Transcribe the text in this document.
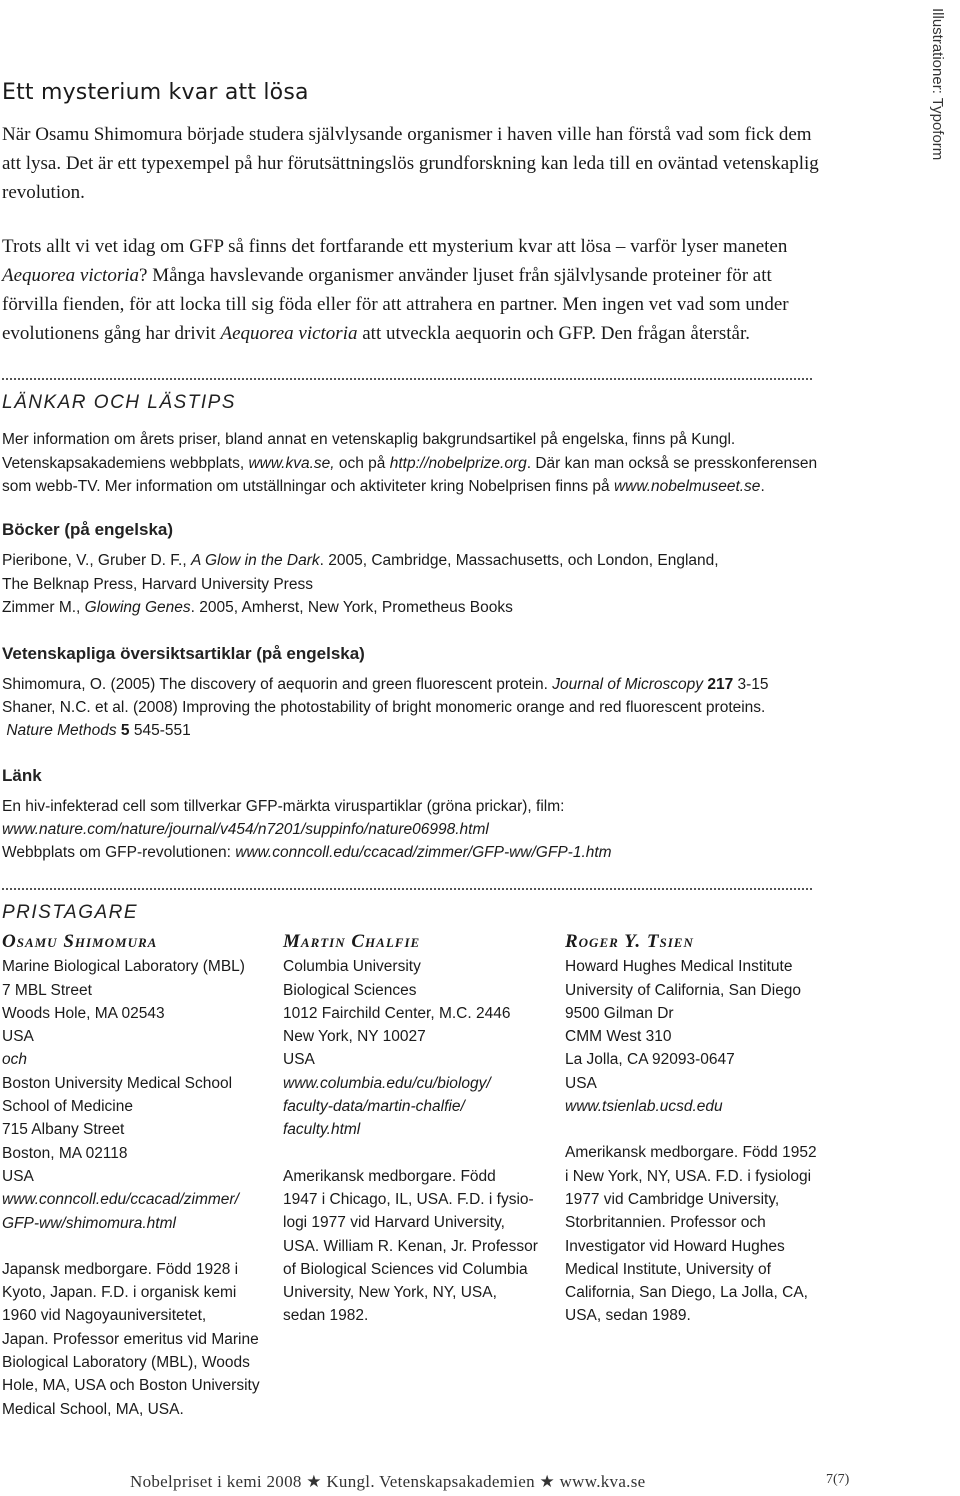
Illustrationer: Typoform
Ett mysterium kvar att lösa
När Osamu Shimomura började studera självlysande organismer i haven ville han förstå vad som fick dem att lysa. Det är ett typexempel på hur förutsättningslös grundforskning kan leda till en oväntad vetenskaplig revolution.
Trots allt vi vet idag om GFP så finns det fortfarande ett mysterium kvar att lösa – varför lyser maneten Aequorea victoria? Många havslevande organismer använder ljuset från självlysande proteiner för att förvilla fienden, för att locka till sig föda eller för att attrahera en partner. Men ingen vet vad som under evolutionens gång har drivit Aequorea victoria att utveckla aequorin och GFP. Den frågan återstår.
LÄNKAR OCH LÄSTIPS
Mer information om årets priser, bland annat en vetenskaplig bakgrundsartikel på engelska, finns på Kungl. Vetenskapsakademiens webbplats, www.kva.se, och på http://nobelprize.org. Där kan man också se presskonferensen som webb-TV. Mer information om utställningar och aktiviteter kring Nobelprisen finns på www.nobelmuseet.se.
Böcker (på engelska)
Pieribone, V., Gruber D. F., A Glow in the Dark. 2005, Cambridge, Massachusetts, och London, England,
The Belknap Press, Harvard University Press
Zimmer M., Glowing Genes. 2005, Amherst, New York, Prometheus Books
Vetenskapliga översiktsartiklar (på engelska)
Shimomura, O. (2005) The discovery of aequorin and green fluorescent protein. Journal of Microscopy 217 3-15
Shaner, N.C. et al. (2008) Improving the photostability of bright monomeric orange and red fluorescent proteins.
Nature Methods 5 545-551
Länk
En hiv-infekterad cell som tillverkar GFP-märkta viruspartiklar (gröna prickar), film:
www.nature.com/nature/journal/v454/n7201/suppinfo/nature06998.html
Webbplats om GFP-revolutionen: www.conncoll.edu/ccacad/zimmer/GFP-ww/GFP-1.htm
PRISTAGARE
Osamu Shimomura
Marine Biological Laboratory (MBL)
7 MBL Street
Woods Hole, MA 02543
USA
och
Boston University Medical School
School of Medicine
715 Albany Street
Boston, MA 02118
USA
www.conncoll.edu/ccacad/zimmer/
GFP-ww/shimomura.html
Japansk medborgare. Född 1928 i
Kyoto, Japan. F.D. i organisk kemi
1960 vid Nagoyauniversitetet,
Japan. Professor emeritus vid Marine
Biological Laboratory (MBL), Woods
Hole, MA, USA och Boston University
Medical School, MA, USA.
Martin Chalfie
Columbia University
Biological Sciences
1012 Fairchild Center, M.C. 2446
New York, NY 10027
USA
www.columbia.edu/cu/biology/
faculty-data/martin-chalfie/
faculty.html
Amerikansk medborgare. Född
1947 i Chicago, IL, USA. F.D. i fysio-
logi 1977 vid Harvard University,
USA. William R. Kenan, Jr. Professor
of Biological Sciences vid Columbia
University, New York, NY, USA,
sedan 1982.
Roger Y. Tsien
Howard Hughes Medical Institute
University of California, San Diego
9500 Gilman Dr
CMM West 310
La Jolla, CA 92093-0647
USA
www.tsienlab.ucsd.edu
Amerikansk medborgare. Född 1952
i New York, NY, USA. F.D. i fysiologi
1977 vid Cambridge University,
Storbritannien. Professor och
Investigator vid Howard Hughes
Medical Institute, University of
California, San Diego, La Jolla, CA,
USA, sedan 1989.
Nobelpriset i kemi 2008 ★ Kungl. Vetenskapsakademien ★ www.kva.se	7(7)
